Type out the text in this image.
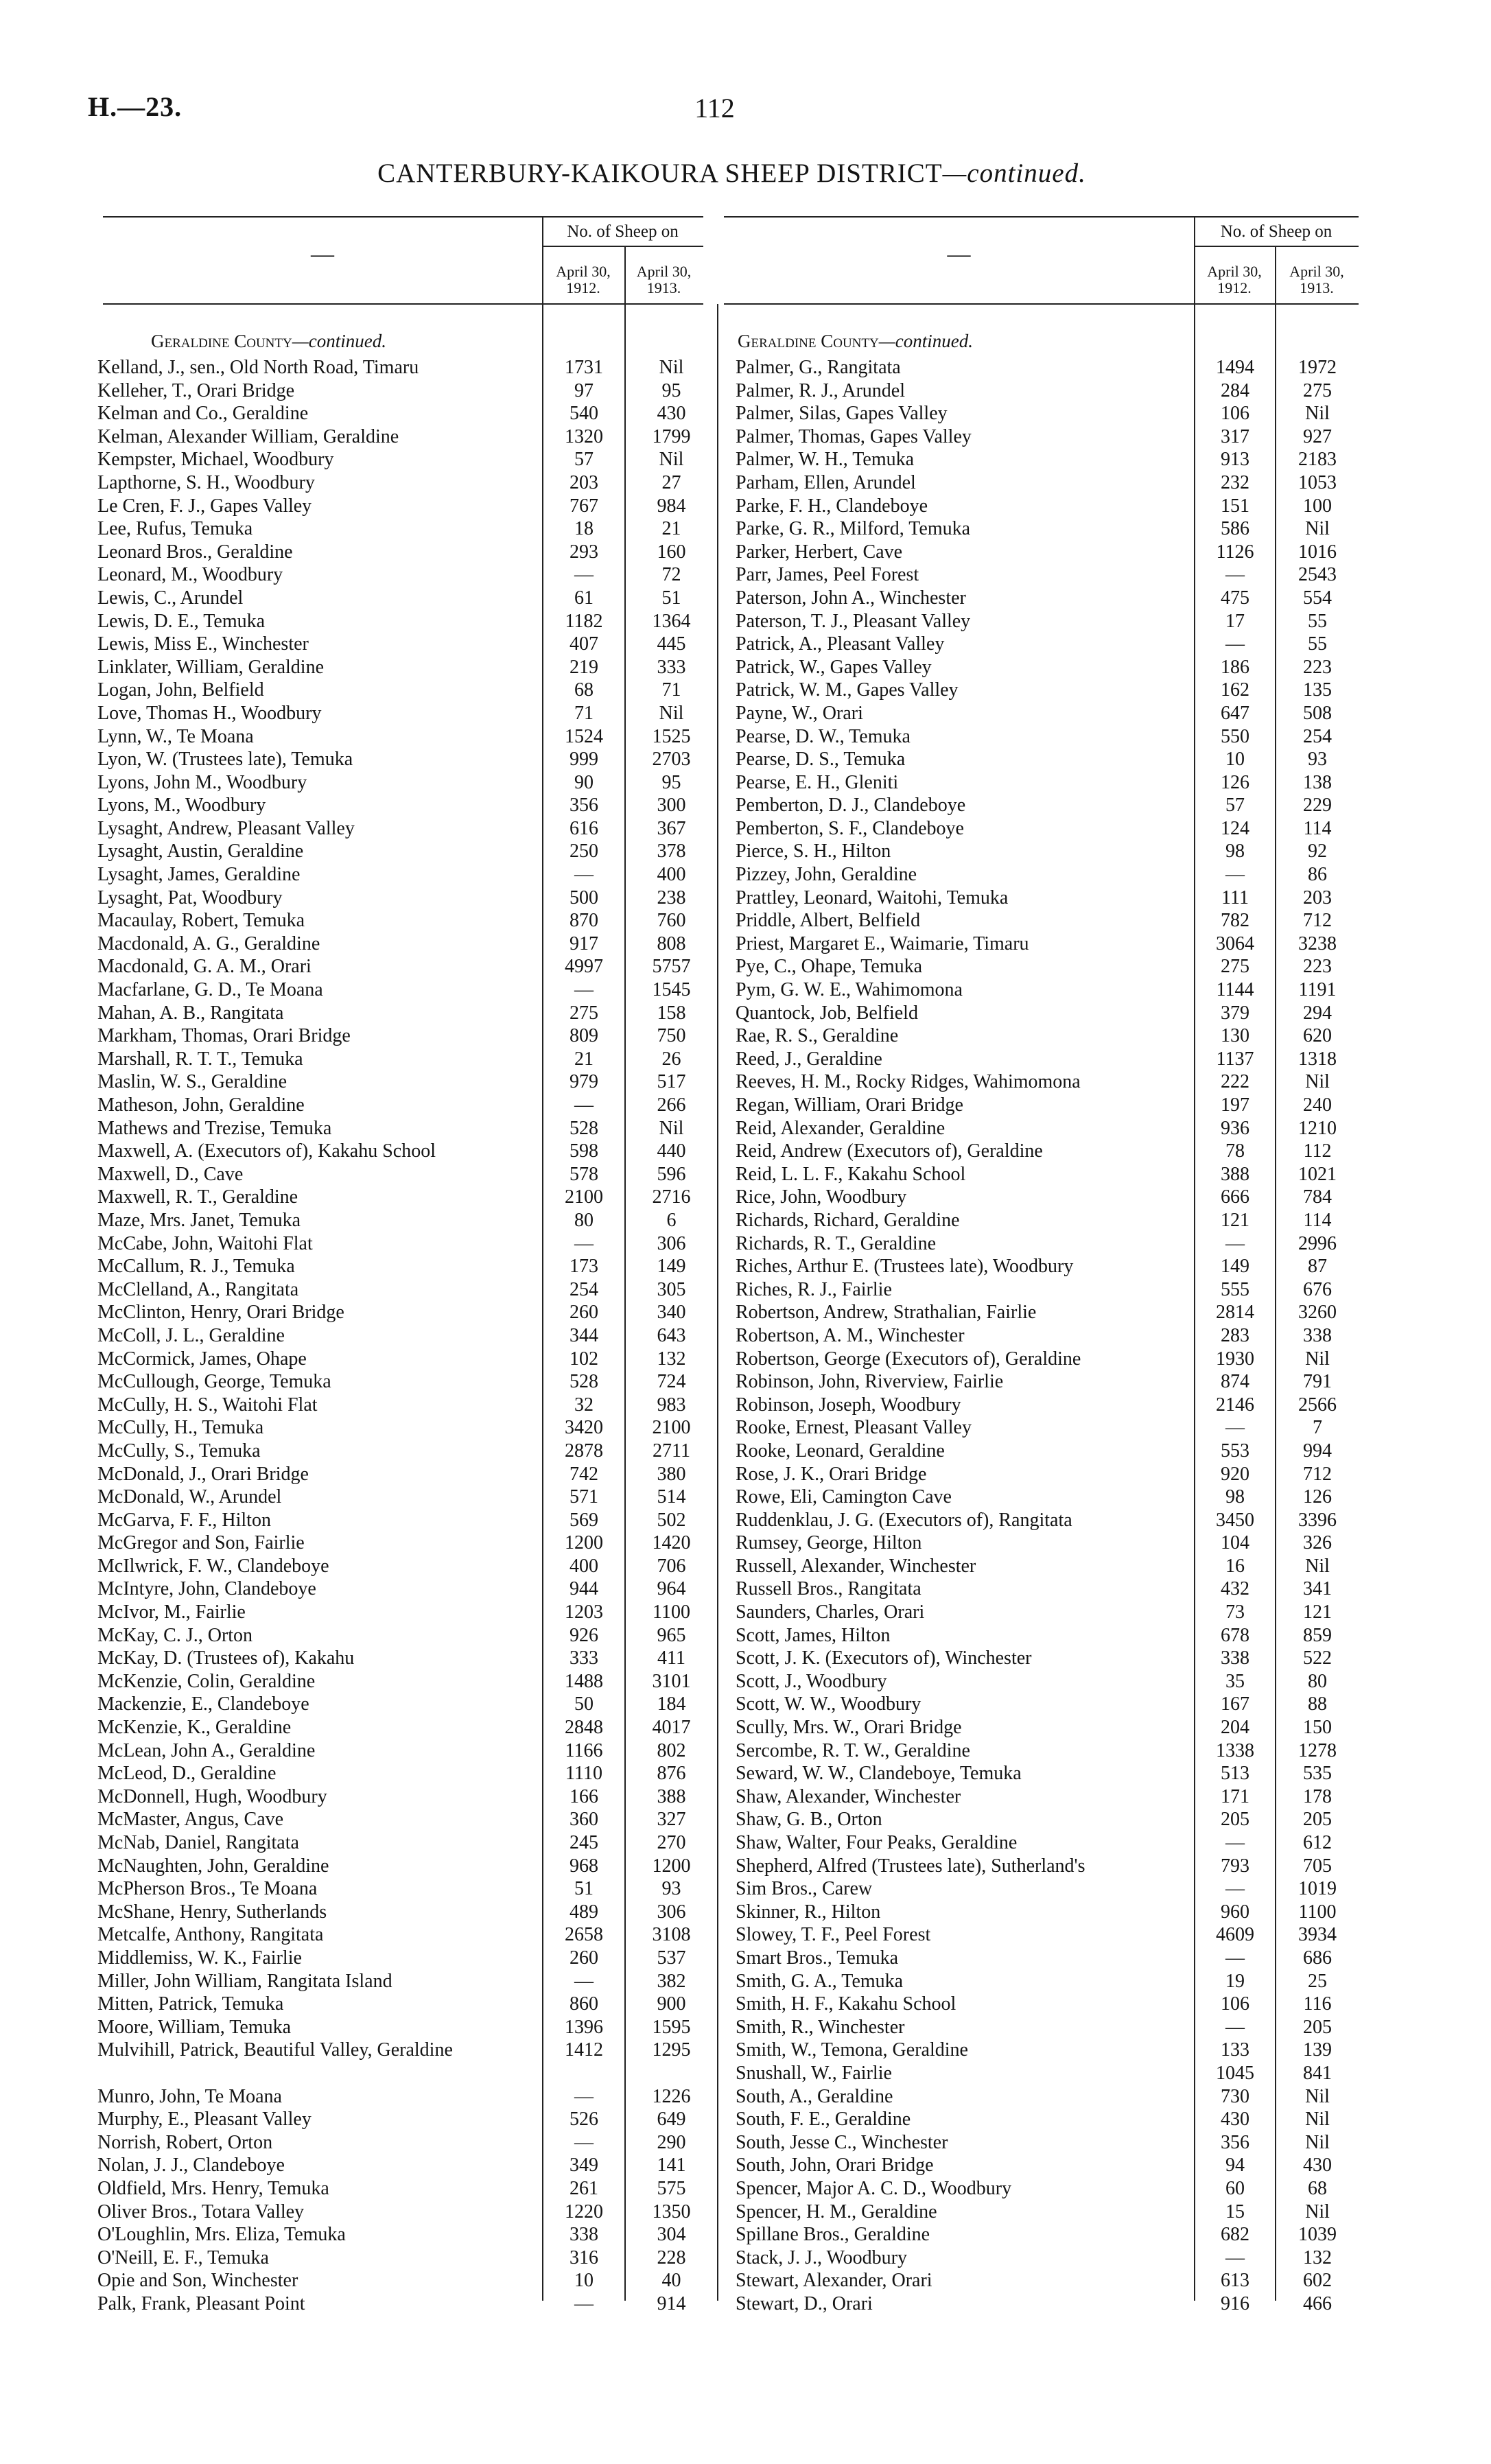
H.—23.	112
CANTERBURY-KAIKOURA SHEEP DISTRICT—continued.
—
No. of Sheep on
April 30,
1912.
April 30,
1913.
—
No. of Sheep on
April 30,
1912.
April 30,
1913.
Geraldine County—continued.	Geraldine County—continued.
Kelland, J., sen., Old North Road, Timaru	1731	Nil
Kelleher, T., Orari Bridge	97	95
Kelman and Co., Geraldine	540	430
Kelman, Alexander William, Geraldine	1320	1799
Kempster, Michael, Woodbury	57	Nil
Lapthorne, S. H., Woodbury	203	27
Le Cren, F. J., Gapes Valley	767	984
Lee, Rufus, Temuka	18	21
Leonard Bros., Geraldine	293	160
Leonard, M., Woodbury	—	72
Lewis, C., Arundel	61	51
Lewis, D. E., Temuka	1182	1364
Lewis, Miss E., Winchester	407	445
Linklater, William, Geraldine	219	333
Logan, John, Belfield	68	71
Love, Thomas H., Woodbury	71	Nil
Lynn, W., Te Moana	1524	1525
Lyon, W. (Trustees late), Temuka	999	2703
Lyons, John M., Woodbury	90	95
Lyons, M., Woodbury	356	300
Lysaght, Andrew, Pleasant Valley	616	367
Lysaght, Austin, Geraldine	250	378
Lysaght, James, Geraldine	—	400
Lysaght, Pat, Woodbury	500	238
Macaulay, Robert, Temuka	870	760
Macdonald, A. G., Geraldine	917	808
Macdonald, G. A. M., Orari	4997	5757
Macfarlane, G. D., Te Moana	—	1545
Mahan, A. B., Rangitata	275	158
Markham, Thomas, Orari Bridge	809	750
Marshall, R. T. T., Temuka	21	26
Maslin, W. S., Geraldine	979	517
Matheson, John, Geraldine	—	266
Mathews and Trezise, Temuka	528	Nil
Maxwell, A. (Executors of), Kakahu School	598	440
Maxwell, D., Cave	578	596
Maxwell, R. T., Geraldine	2100	2716
Maze, Mrs. Janet, Temuka	80	6
McCabe, John, Waitohi Flat	—	306
McCallum, R. J., Temuka	173	149
McClelland, A., Rangitata	254	305
McClinton, Henry, Orari Bridge	260	340
McColl, J. L., Geraldine	344	643
McCormick, James, Ohape	102	132
McCullough, George, Temuka	528	724
McCully, H. S., Waitohi Flat	32	983
McCully, H., Temuka	3420	2100
McCully, S., Temuka	2878	2711
McDonald, J., Orari Bridge	742	380
McDonald, W., Arundel	571	514
McGarva, F. F., Hilton	569	502
McGregor and Son, Fairlie	1200	1420
McIlwrick, F. W., Clandeboye	400	706
McIntyre, John, Clandeboye	944	964
McIvor, M., Fairlie	1203	1100
McKay, C. J., Orton	926	965
McKay, D. (Trustees of), Kakahu	333	411
McKenzie, Colin, Geraldine	1488	3101
Mackenzie, E., Clandeboye	50	184
McKenzie, K., Geraldine	2848	4017
McLean, John A., Geraldine	1166	802
McLeod, D., Geraldine	1110	876
McDonnell, Hugh, Woodbury	166	388
McMaster, Angus, Cave	360	327
McNab, Daniel, Rangitata	245	270
McNaughten, John, Geraldine	968	1200
McPherson Bros., Te Moana	51	93
McShane, Henry, Sutherlands	489	306
Metcalfe, Anthony, Rangitata	2658	3108
Middlemiss, W. K., Fairlie	260	537
Miller, John William, Rangitata Island	—	382
Mitten, Patrick, Temuka	860	900
Moore, William, Temuka	1396	1595
Mulvihill, Patrick, Beautiful Valley, Geraldine	1412	1295
Munro, John, Te Moana	—	1226
Murphy, E., Pleasant Valley	526	649
Norrish, Robert, Orton	—	290
Nolan, J. J., Clandeboye	349	141
Oldfield, Mrs. Henry, Temuka	261	575
Oliver Bros., Totara Valley	1220	1350
O'Loughlin, Mrs. Eliza, Temuka	338	304
O'Neill, E. F., Temuka	316	228
Opie and Son, Winchester	10	40
Palk, Frank, Pleasant Point	—	914
Palmer, G., Rangitata	1494	1972
Palmer, R. J., Arundel	284	275
Palmer, Silas, Gapes Valley	106	Nil
Palmer, Thomas, Gapes Valley	317	927
Palmer, W. H., Temuka	913	2183
Parham, Ellen, Arundel	232	1053
Parke, F. H., Clandeboye	151	100
Parke, G. R., Milford, Temuka	586	Nil
Parker, Herbert, Cave	1126	1016
Parr, James, Peel Forest	—	2543
Paterson, John A., Winchester	475	554
Paterson, T. J., Pleasant Valley	17	55
Patrick, A., Pleasant Valley	—	55
Patrick, W., Gapes Valley	186	223
Patrick, W. M., Gapes Valley	162	135
Payne, W., Orari	647	508
Pearse, D. W., Temuka	550	254
Pearse, D. S., Temuka	10	93
Pearse, E. H., Gleniti	126	138
Pemberton, D. J., Clandeboye	57	229
Pemberton, S. F., Clandeboye	124	114
Pierce, S. H., Hilton	98	92
Pizzey, John, Geraldine	—	86
Prattley, Leonard, Waitohi, Temuka	111	203
Priddle, Albert, Belfield	782	712
Priest, Margaret E., Waimarie, Timaru	3064	3238
Pye, C., Ohape, Temuka	275	223
Pym, G. W. E., Wahimomona	1144	1191
Quantock, Job, Belfield	379	294
Rae, R. S., Geraldine	130	620
Reed, J., Geraldine	1137	1318
Reeves, H. M., Rocky Ridges, Wahimomona	222	Nil
Regan, William, Orari Bridge	197	240
Reid, Alexander, Geraldine	936	1210
Reid, Andrew (Executors of), Geraldine	78	112
Reid, L. L. F., Kakahu School	388	1021
Rice, John, Woodbury	666	784
Richards, Richard, Geraldine	121	114
Richards, R. T., Geraldine	—	2996
Riches, Arthur E. (Trustees late), Woodbury	149	87
Riches, R. J., Fairlie	555	676
Robertson, Andrew, Strathalian, Fairlie	2814	3260
Robertson, A. M., Winchester	283	338
Robertson, George (Executors of), Geraldine	1930	Nil
Robinson, John, Riverview, Fairlie	874	791
Robinson, Joseph, Woodbury	2146	2566
Rooke, Ernest, Pleasant Valley	—	7
Rooke, Leonard, Geraldine	553	994
Rose, J. K., Orari Bridge	920	712
Rowe, Eli, Camington Cave	98	126
Ruddenklau, J. G. (Executors of), Rangitata	3450	3396
Rumsey, George, Hilton	104	326
Russell, Alexander, Winchester	16	Nil
Russell Bros., Rangitata	432	341
Saunders, Charles, Orari	73	121
Scott, James, Hilton	678	859
Scott, J. K. (Executors of), Winchester	338	522
Scott, J., Woodbury	35	80
Scott, W. W., Woodbury	167	88
Scully, Mrs. W., Orari Bridge	204	150
Sercombe, R. T. W., Geraldine	1338	1278
Seward, W. W., Clandeboye, Temuka	513	535
Shaw, Alexander, Winchester	171	178
Shaw, G. B., Orton	205	205
Shaw, Walter, Four Peaks, Geraldine	—	612
Shepherd, Alfred (Trustees late), Sutherland's	793	705
Sim Bros., Carew	—	1019
Skinner, R., Hilton	960	1100
Slowey, T. F., Peel Forest	4609	3934
Smart Bros., Temuka	—	686
Smith, G. A., Temuka	19	25
Smith, H. F., Kakahu School	106	116
Smith, R., Winchester	—	205
Smith, W., Temona, Geraldine	133	139
Snushall, W., Fairlie	1045	841
South, A., Geraldine	730	Nil
South, F. E., Geraldine	430	Nil
South, Jesse C., Winchester	356	Nil
South, John, Orari Bridge	94	430
Spencer, Major A. C. D., Woodbury	60	68
Spencer, H. M., Geraldine	15	Nil
Spillane Bros., Geraldine	682	1039
Stack, J. J., Woodbury	—	132
Stewart, Alexander, Orari	613	602
Stewart, D., Orari	916	466
